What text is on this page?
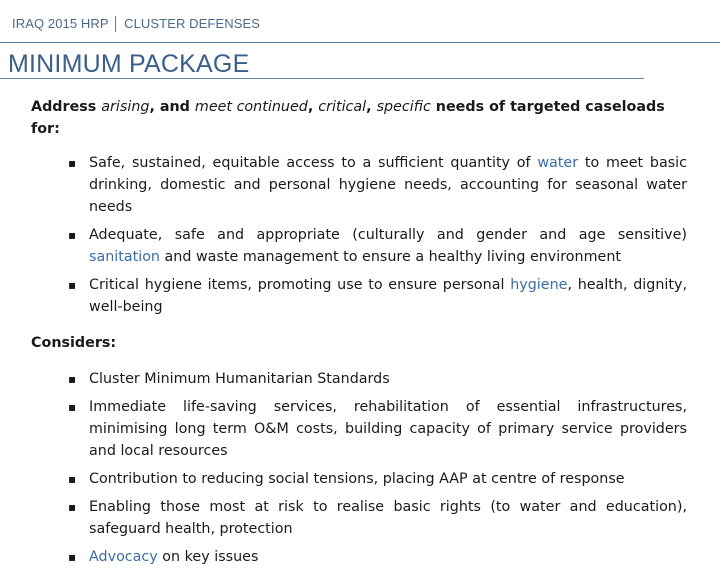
IRAQ 2015 HRP │ CLUSTER DEFENSES
MINIMUM PACKAGE

Address arising, and meet continued, critical, specific needs of targeted caseloads for:

▪ Safe, sustained, equitable access to a sufficient quantity of water to meet basic drinking, domestic and personal hygiene needs, accounting for seasonal water needs
▪ Adequate, safe and appropriate (culturally and gender and age sensitive) sanitation and waste management to ensure a healthy living environment
▪ Critical hygiene items, promoting use to ensure personal hygiene, health, dignity, well-being

Considers:

▪ Cluster Minimum Humanitarian Standards
▪ Immediate life-saving services, rehabilitation of essential infrastructures, minimising long term O&M costs, building capacity of primary service providers and local resources
▪ Contribution to reducing social tensions, placing AAP at centre of response
▪ Enabling those most at risk to realise basic rights (to water and education), safeguard health, protection
▪ Advocacy on key issues
